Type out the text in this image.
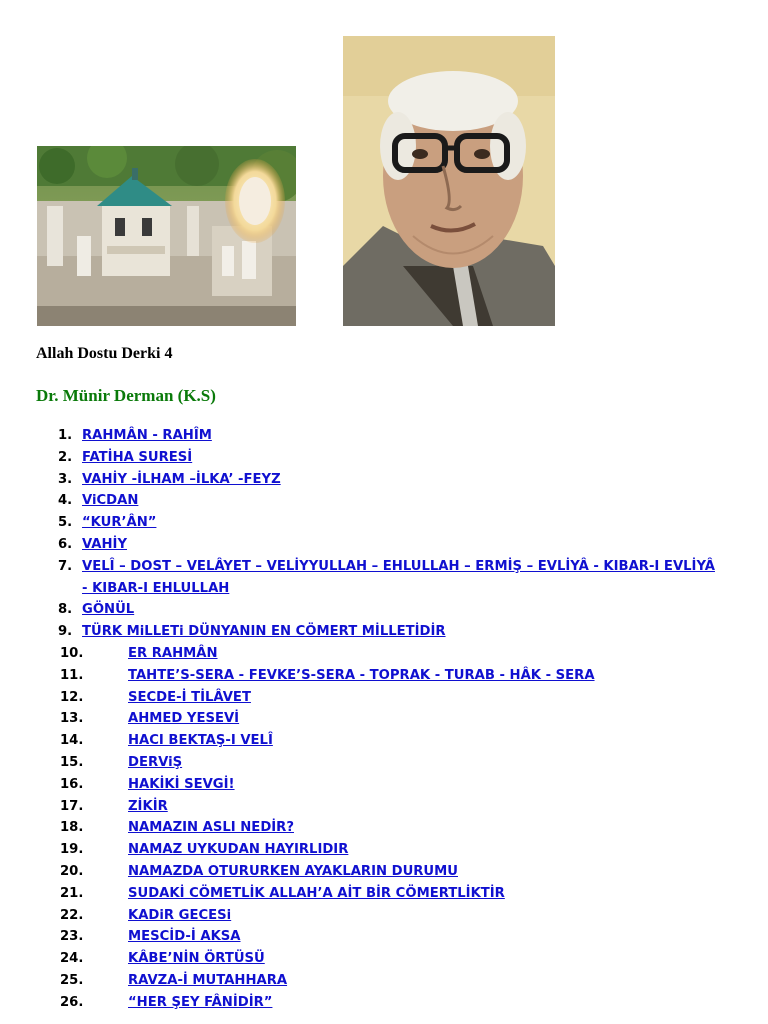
Allah Dostu Derki 4
Dr. Münir Derman (K.S)
1. RAHMÂN - RAHÎM
2. FATİHA SURESİ
3. VAHİY -İLHAM –İLKA’ -FEYZ
4. ViCDAN
5. “KUR’ÂN”
6. VAHİY
7. VELÎ – DOST – VELÂYET – VELİYYULLAH – EHLULLAH – ERMİŞ – EVLİYÂ - KIBAR-I EVLİYÂ - KIBAR-I EHLULLAH
8. GÖNÜL
9. TÜRK MiLLETi DÜNYANIN EN CÖMERT MİLLETİDİR
10.	ER RAHMÂN
11.	TAHTE’S-SERA - FEVKE’S-SERA - TOPRAK - TURAB - HÂK - SERA
12.	SECDE-İ TİLÂVET
13.	AHMED YESEVİ
14.	HACI BEKTAŞ-I VELÎ
15.	DERViŞ
16.	HAKİKİ SEVGİ!
17.	ZİKİR
18.	NAMAZIN ASLI NEDİR?
19.	NAMAZ UYKUDAN HAYIRLIDIR
20.	NAMAZDA OTURURKEN AYAKLARIN DURUMU
21.	SUDAKİ CÖMETLİK ALLAH’A AİT BİR CÖMERTLİKTİR
22.	KADiR GECESi
23.	MESCİD-İ AKSA
24.	KÂBE’NİN ÖRTÜSÜ
25.	RAVZA-İ MUTAHHARA
26.	“HER ŞEY FÂNİDİR”
